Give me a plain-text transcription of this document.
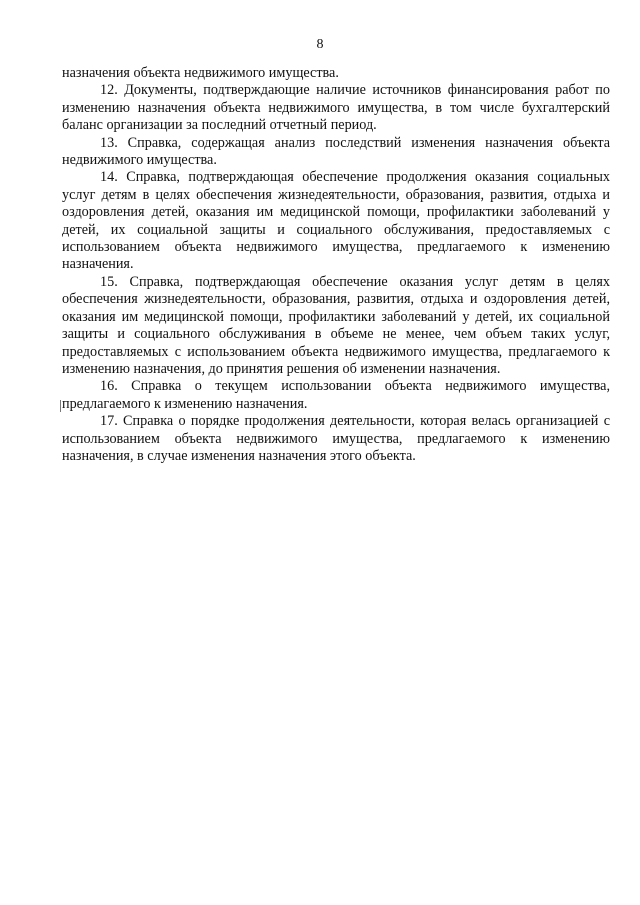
8

назначения объекта недвижимого имущества.

12. Документы, подтверждающие наличие источников финансирования работ по изменению назначения объекта недвижимого имущества, в том числе бухгалтерский баланс организации за последний отчетный период.

13. Справка, содержащая анализ последствий изменения назначения объекта недвижимого имущества.

14. Справка, подтверждающая обеспечение продолжения оказания социальных услуг детям в целях обеспечения жизнедеятельности, образования, развития, отдыха и оздоровления детей, оказания им медицинской помощи, профилактики заболеваний у детей, их социальной защиты и социального обслуживания, предоставляемых с использованием объекта недвижимого имущества, предлагаемого к изменению назначения.

15. Справка, подтверждающая обеспечение оказания услуг детям в целях обеспечения жизнедеятельности, образования, развития, отдыха и оздоровления детей, оказания им медицинской помощи, профилактики заболеваний у детей, их социальной защиты и социального обслуживания в объеме не менее, чем объем таких услуг, предоставляемых с использованием объекта недвижимого имущества, предлагаемого к изменению назначения, до принятия решения об изменении назначения.

16. Справка о текущем использовании объекта недвижимого имущества, предлагаемого к изменению назначения.

17. Справка о порядке продолжения деятельности, которая велась организацией с использованием объекта недвижимого имущества, предлагаемого к изменению назначения, в случае изменения назначения этого объекта.
